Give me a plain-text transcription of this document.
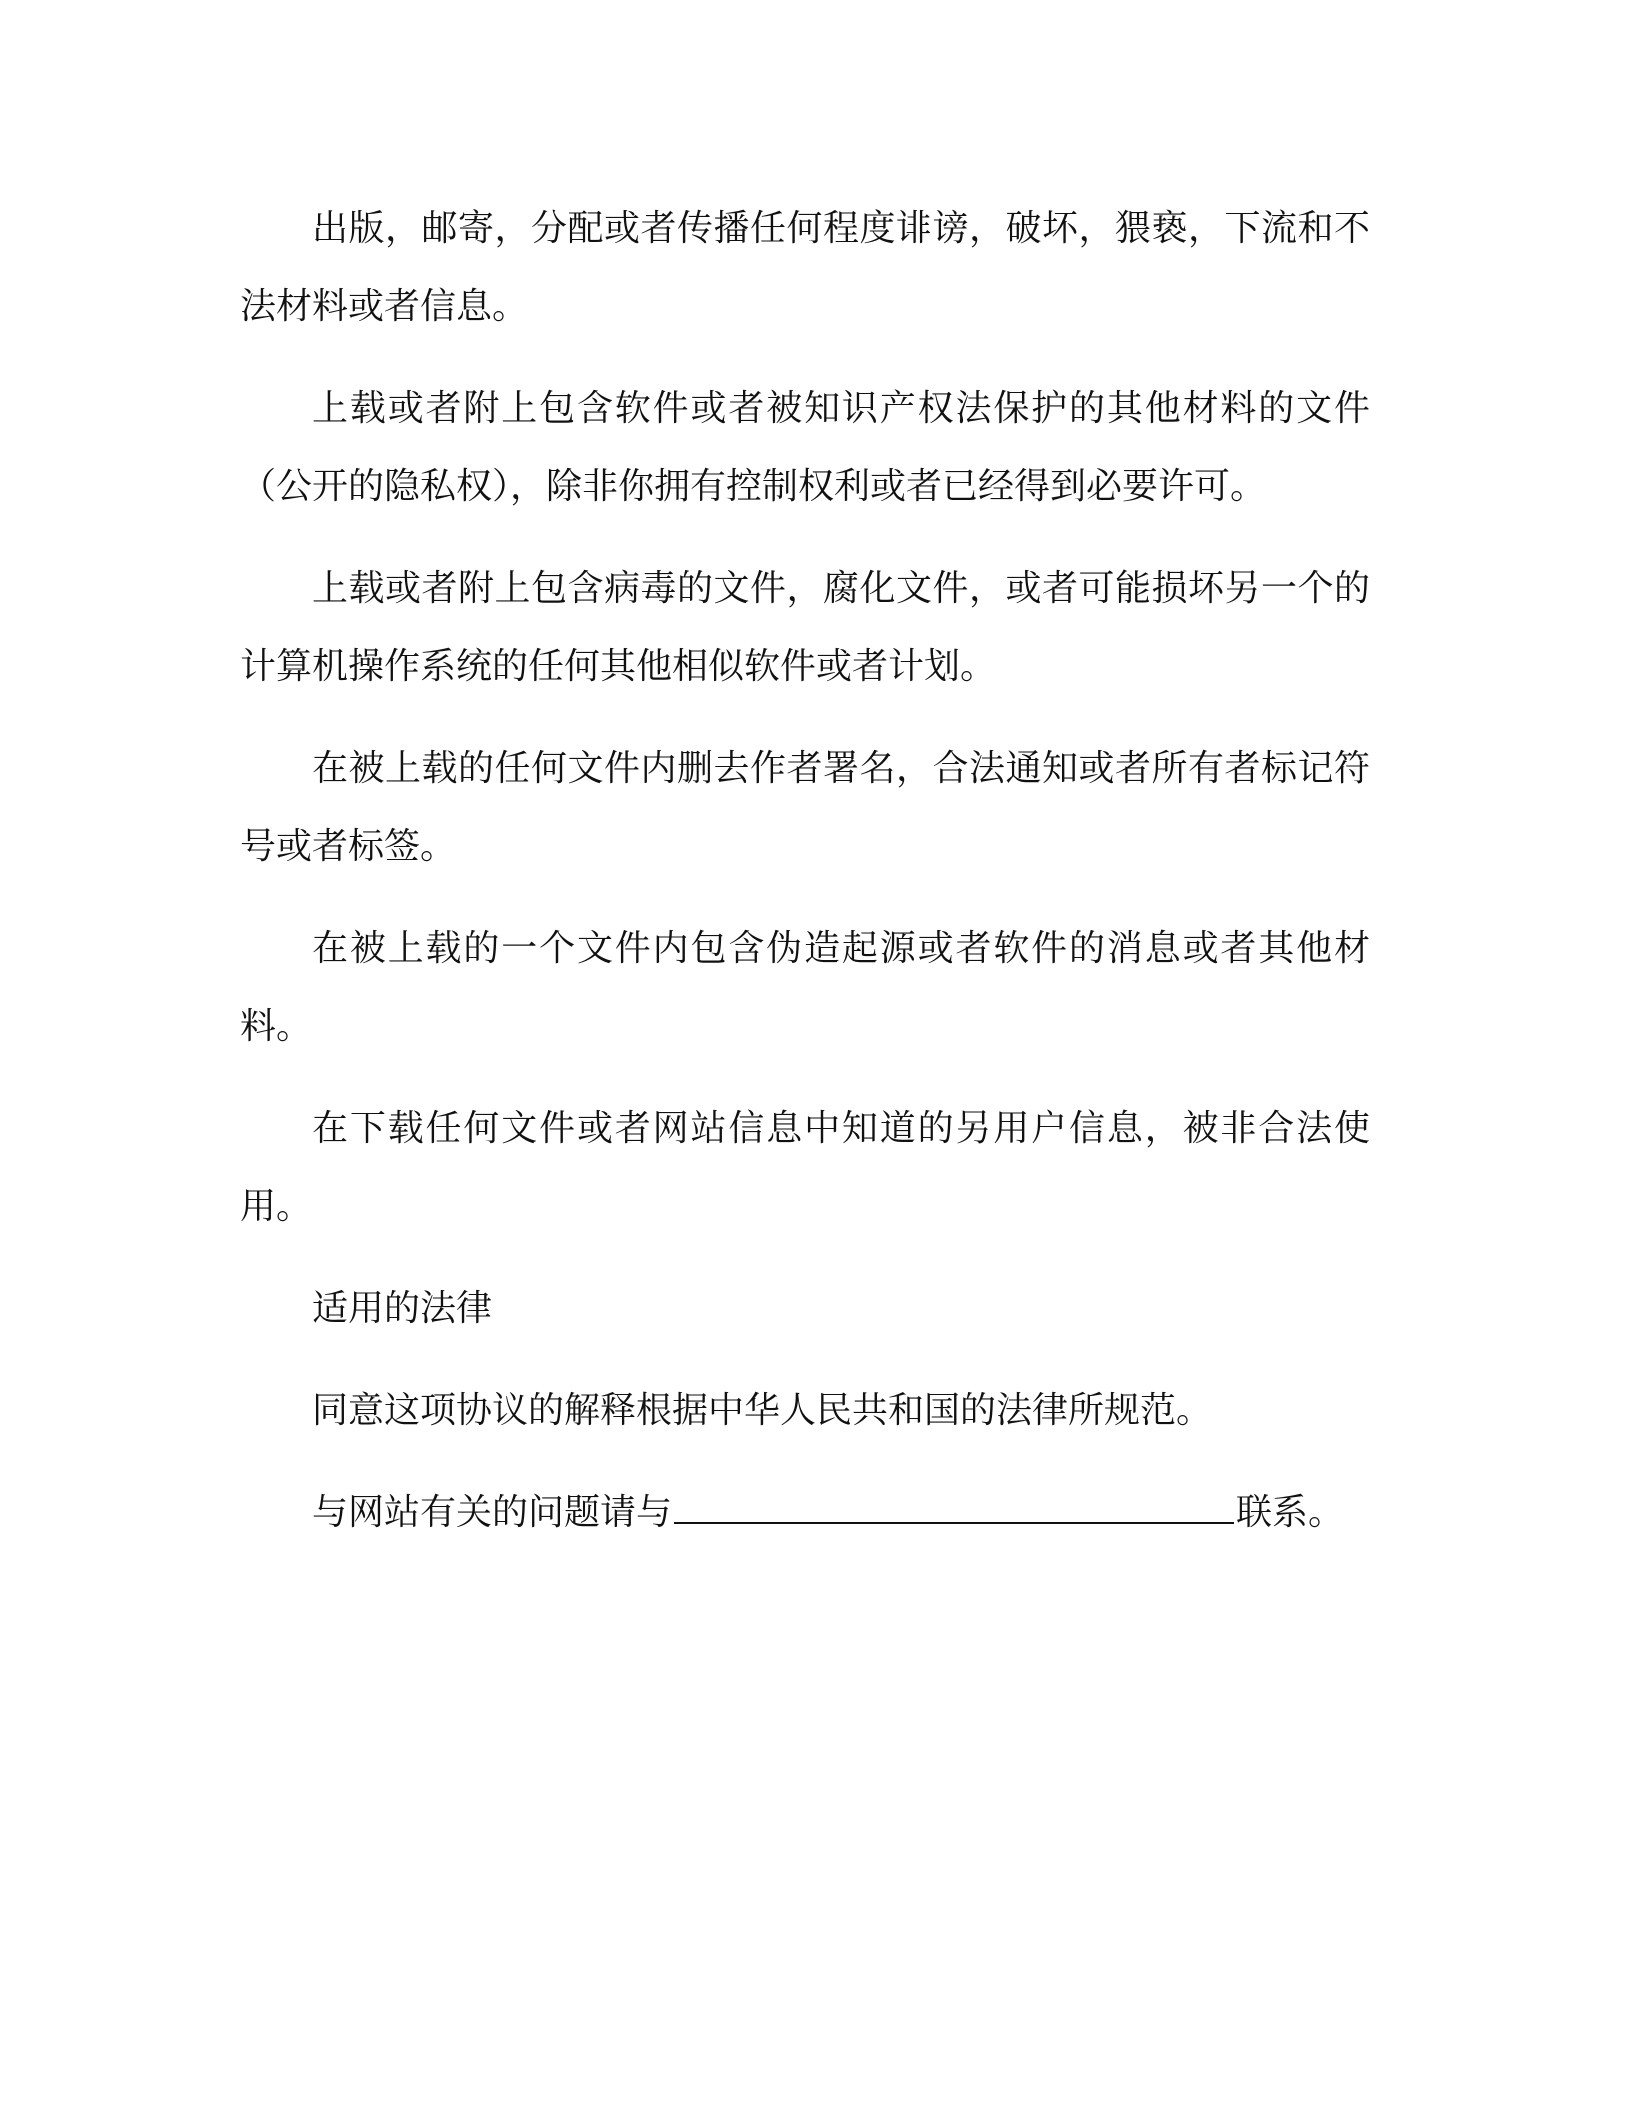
出版，邮寄，分配或者传播任何程度诽谤，破坏，猥亵，下流和不法材料或者信息。

上载或者附上包含软件或者被知识产权法保护的其他材料的文件（公开的隐私权），除非你拥有控制权利或者已经得到必要许可。

上载或者附上包含病毒的文件，腐化文件，或者可能损坏另一个的计算机操作系统的任何其他相似软件或者计划。

在被上载的任何文件内删去作者署名，合法通知或者所有者标记符号或者标签。

在被上载的一个文件内包含伪造起源或者软件的消息或者其他材料。

在下载任何文件或者网站信息中知道的另用户信息，被非合法使用。

适用的法律

同意这项协议的解释根据中华人民共和国的法律所规范。

与网站有关的问题请与	联系。
